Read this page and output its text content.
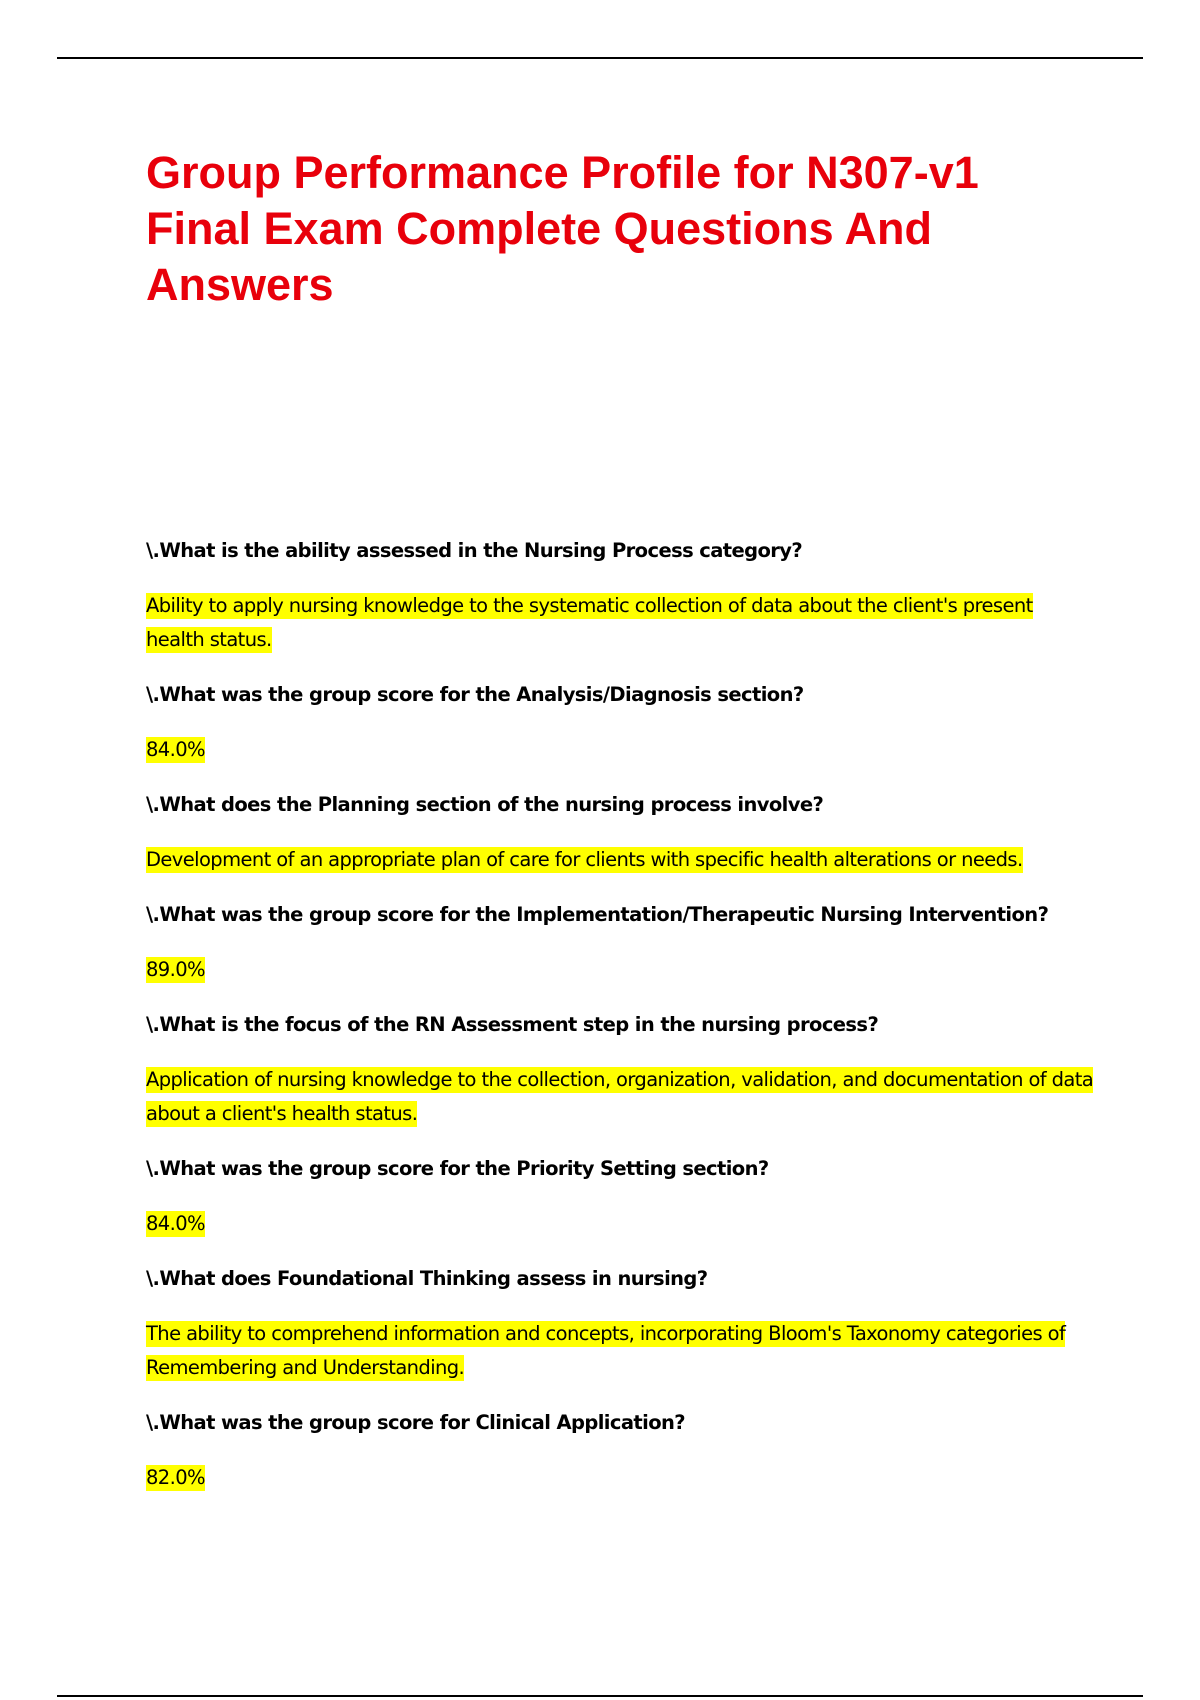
Group Performance Profile for N307-v1 Final Exam Complete Questions And Answers

\.What is the ability assessed in the Nursing Process category?

Ability to apply nursing knowledge to the systematic collection of data about the client's present health status.

\.What was the group score for the Analysis/Diagnosis section?

84.0%

\.What does the Planning section of the nursing process involve?

Development of an appropriate plan of care for clients with specific health alterations or needs.

\.What was the group score for the Implementation/Therapeutic Nursing Intervention?

89.0%

\.What is the focus of the RN Assessment step in the nursing process?

Application of nursing knowledge to the collection, organization, validation, and documentation of data about a client's health status.

\.What was the group score for the Priority Setting section?

84.0%

\.What does Foundational Thinking assess in nursing?

The ability to comprehend information and concepts, incorporating Bloom's Taxonomy categories of Remembering and Understanding.

\.What was the group score for Clinical Application?

82.0%
